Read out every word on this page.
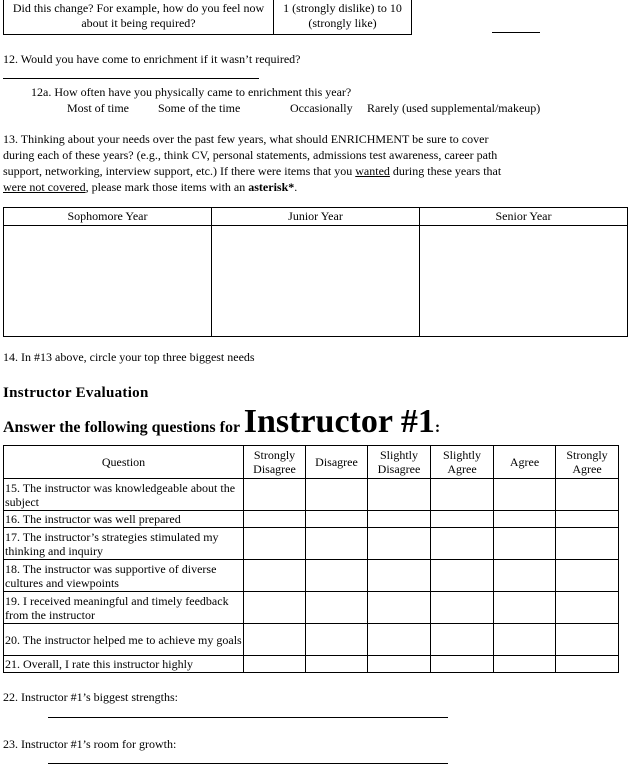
Did this change? For example, how do you feel now about it being required?	1 (strongly dislike) to 10 (strongly like)
12. Would you have come to enrichment if it wasn’t required?
12a. How often have you physically came to enrichment this year?
Most of time Some of the time	Occasionally Rarely (used supplemental/makeup)
13. Thinking about your needs over the past few years, what should ENRICHMENT be sure to cover
during each of these years? (e.g., think CV, personal statements, admissions test awareness, career path
support, networking, interview support, etc.) If there were items that you wanted during these years that
were not covered, please mark those items with an asterisk*.
Sophomore Year	Junior Year	Senior Year

14. In #13 above, circle your top three biggest needs
Instructor Evaluation
Answer the following questions for Instructor #1:
Question	Strongly Disagree	Disagree	Slightly Disagree	Slightly Agree	Agree	Strongly Agree
15. The instructor was knowledgeable about the subject						
16. The instructor was well prepared						
17. The instructor’s strategies stimulated my thinking and inquiry						
18. The instructor was supportive of diverse cultures and viewpoints						
19. I received meaningful and timely feedback from the instructor						
20. The instructor helped me to achieve my goals						
21. Overall, I rate this instructor highly						
22. Instructor #1’s biggest strengths:
23. Instructor #1’s room for growth:
